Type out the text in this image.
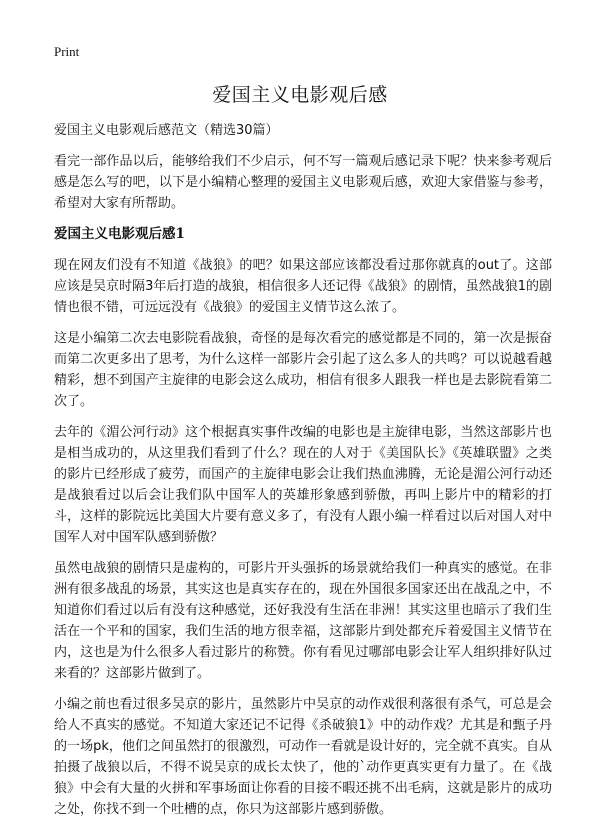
Print
爱国主义电影观后感

爱国主义电影观后感范文（精选30篇）

看完一部作品以后，能够给我们不少启示，何不写一篇观后感记录下呢？快来参考观后感是怎么写的吧，以下是小编精心整理的爱国主义电影观后感，欢迎大家借鉴与参考，希望对大家有所帮助。

爱国主义电影观后感1

现在网友们没有不知道《战狼》的吧？如果这部应该都没看过那你就真的out了。这部应该是吴京时隔3年后打造的战狼，相信很多人还记得《战狼》的剧情，虽然战狼1的剧情也很不错，可远远没有《战狼》的爱国主义情节这么浓了。

这是小编第二次去电影院看战狼，奇怪的是每次看完的感觉都是不同的，第一次是振奋而第二次更多出了思考，为什么这样一部影片会引起了这么多人的共鸣？可以说越看越精彩，想不到国产主旋律的电影会这么成功，相信有很多人跟我一样也是去影院看第二次了。

去年的《湄公河行动》这个根据真实事件改编的电影也是主旋律电影，当然这部影片也是相当成功的，从这里我们看到了什么？现在的人对于《美国队长》《英雄联盟》之类的影片已经形成了疲劳，而国产的主旋律电影会让我们热血沸腾，无论是湄公河行动还是战狼看过以后会让我们队中国军人的英雄形象感到骄傲，再叫上影片中的精彩的打斗，这样的影院远比美国大片要有意义多了，有没有人跟小编一样看过以后对国人对中国军人对中国军队感到骄傲？

虽然电战狼的剧情只是虚构的，可影片开头强拆的场景就给我们一种真实的感觉。在非洲有很多战乱的场景，其实这也是真实存在的，现在外国很多国家还出在战乱之中，不知道你们看过以后有没有这种感觉，还好我没有生活在非洲！其实这里也暗示了我们生活在一个平和的国家，我们生活的地方很幸福，这部影片到处都充斥着爱国主义情节在内，这也是为什么很多人看过影片的称赞。你有看见过哪部电影会让军人组织排好队过来看的？这部影片做到了。

小编之前也看过很多吴京的影片，虽然影片中吴京的动作戏很利落很有杀气，可总是会给人不真实的感觉。不知道大家还记不记得《杀破狼1》中的动作戏？尤其是和甄子丹的一场pk，他们之间虽然打的很激烈，可动作一看就是设计好的，完全就不真实。自从拍摄了战狼以后，不得不说吴京的成长太快了，他的`动作更真实更有力量了。在《战狼》中会有大量的火拼和军事场面让你看的目接不暇还挑不出毛病，这就是影片的成功之处，你找不到一个吐槽的点，你只为这部影片感到骄傲。
